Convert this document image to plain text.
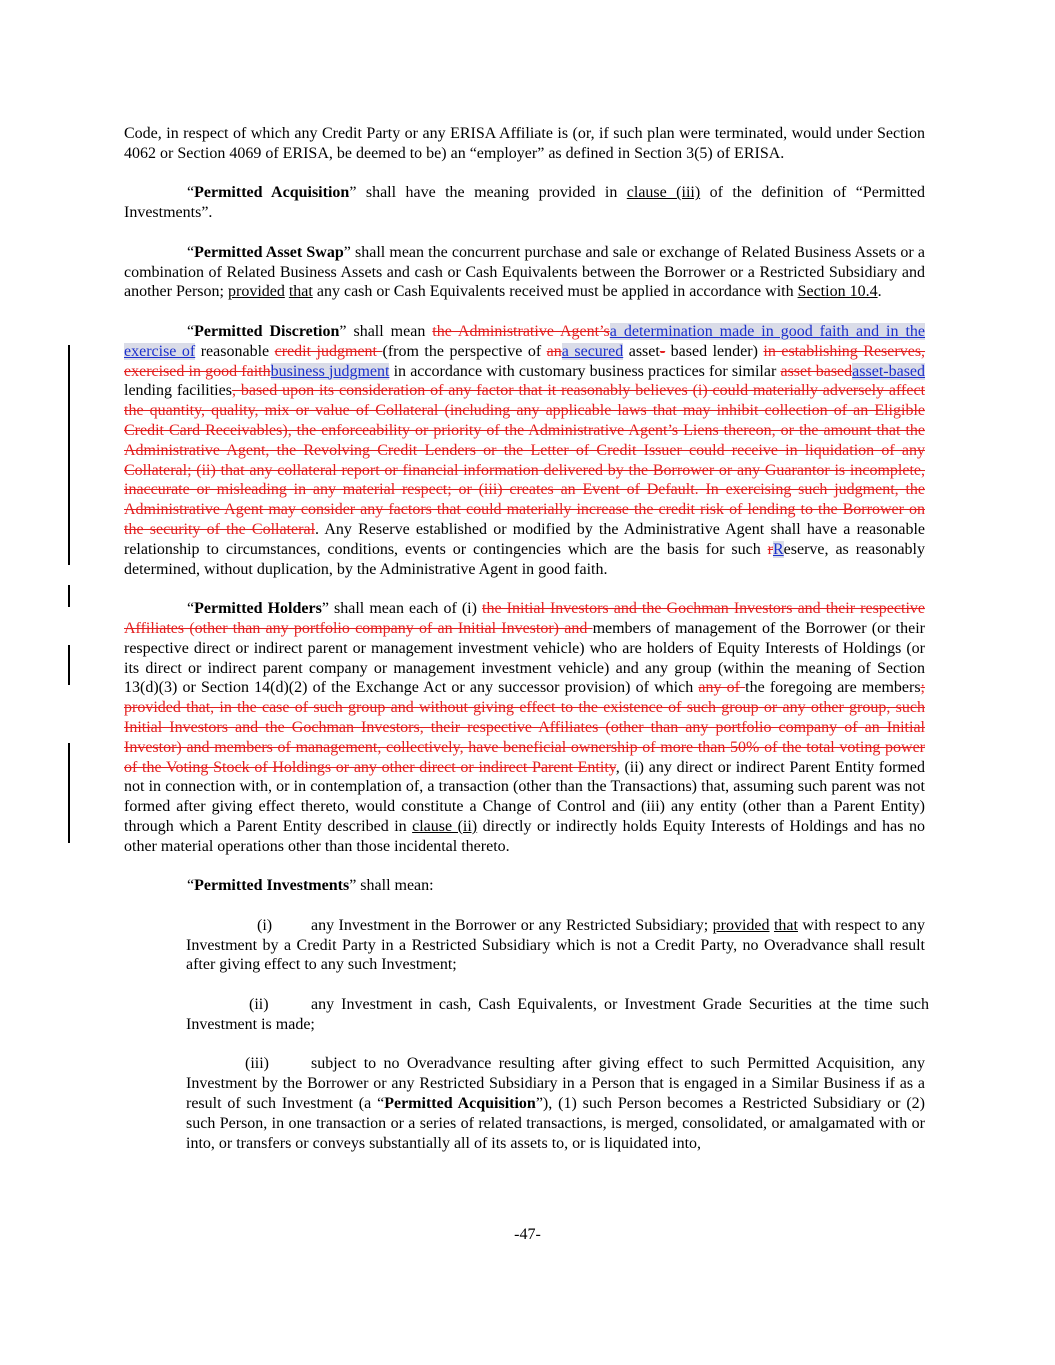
Code, in respect of which any Credit Party or any ERISA Affiliate is (or, if such plan were terminated, would under Section 4062 or Section 4069 of ERISA, be deemed to be) an “employer” as defined in Section 3(5) of ERISA.

“Permitted Acquisition” shall have the meaning provided in clause (iii) of the definition of “Permitted Investments”.

“Permitted Asset Swap” shall mean the concurrent purchase and sale or exchange of Related Business Assets or a combination of Related Business Assets and cash or Cash Equivalents between the Borrower or a Restricted Subsidiary and another Person; provided that any cash or Cash Equivalents received must be applied in accordance with Section 10.4.

“Permitted Discretion” shall mean the Administrative Agent’sa determination made in good faith and in the exercise of reasonable credit judgment (from the perspective of ana secured asset- based lender) in establishing Reserves, exercised in good faithbusiness judgment in accordance with customary business practices for similar asset basedasset-based lending facilities, based upon its consideration of any factor that it reasonably believes (i) could materially adversely affect the quantity, quality, mix or value of Collateral (including any applicable laws that may inhibit collection of an Eligible Credit Card Receivables), the enforceability or priority of the Administrative Agent’s Liens thereon, or the amount that the Administrative Agent, the Revolving Credit Lenders or the Letter of Credit Issuer could receive in liquidation of any Collateral; (ii) that any collateral report or financial information delivered by the Borrower or any Guarantor is incomplete, inaccurate or misleading in any material respect; or (iii) creates an Event of Default. In exercising such judgment, the Administrative Agent may consider any factors that could materially increase the credit risk of lending to the Borrower on the security of the Collateral. Any Reserve established or modified by the Administrative Agent shall have a reasonable relationship to circumstances, conditions, events or contingencies which are the basis for such rReserve, as reasonably determined, without duplication, by the Administrative Agent in good faith.

“Permitted Holders” shall mean each of (i) the Initial Investors and the Gochman Investors and their respective Affiliates (other than any portfolio company of an Initial Investor) and members of management of the Borrower (or their respective direct or indirect parent or management investment vehicle) who are holders of Equity Interests of Holdings (or its direct or indirect parent company or management investment vehicle) and any group (within the meaning of Section 13(d)(3) or Section 14(d)(2) of the Exchange Act or any successor provision) of which any of the foregoing are members; provided that, in the case of such group and without giving effect to the existence of such group or any other group, such Initial Investors and the Gochman Investors, their respective Affiliates (other than any portfolio company of an Initial Investor) and members of management, collectively, have beneficial ownership of more than 50% of the total voting power of the Voting Stock of Holdings or any other direct or indirect Parent Entity, (ii) any direct or indirect Parent Entity formed not in connection with, or in contemplation of, a transaction (other than the Transactions) that, assuming such parent was not formed after giving effect thereto, would constitute a Change of Control and (iii) any entity (other than a Parent Entity) through which a Parent Entity described in clause (ii) directly or indirectly holds Equity Interests of Holdings and has no other material operations other than those incidental thereto.

“Permitted Investments” shall mean:

(i) any Investment in the Borrower or any Restricted Subsidiary; provided that with respect to any Investment by a Credit Party in a Restricted Subsidiary which is not a Credit Party, no Overadvance shall result after giving effect to any such Investment;

(ii)	any Investment in cash, Cash Equivalents, or Investment Grade Securities at the time such Investment is made;

(iii)	subject to no Overadvance resulting after giving effect to such Permitted Acquisition, any Investment by the Borrower or any Restricted Subsidiary in a Person that is engaged in a Similar Business if as a result of such Investment (a “Permitted Acquisition”), (1) such Person becomes a Restricted Subsidiary or (2) such Person, in one transaction or a series of related transactions, is merged, consolidated, or amalgamated with or into, or transfers or conveys substantially all of its assets to, or is liquidated into,

-47-
